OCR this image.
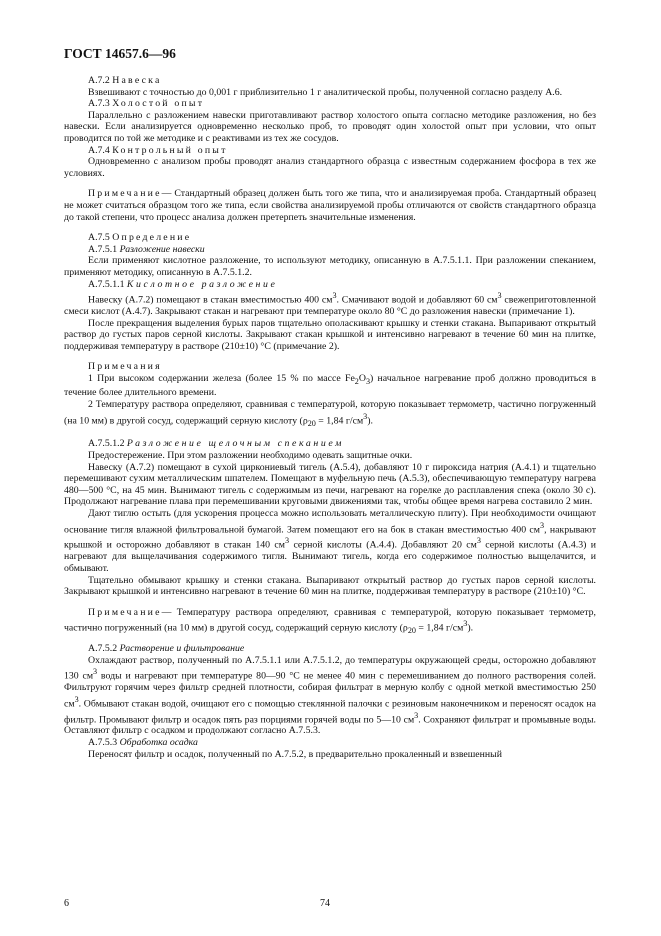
ГОСТ 14657.6—96

А.7.2 Навеска

Взвешивают с точностью до 0,001 г приблизительно 1 г аналитической пробы, полученной согласно разделу А.6.

А.7.3 Холостой опыт

Параллельно с разложением навески приготавливают раствор холостого опыта согласно методике разложения, но без навески. Если анализируется одновременно несколько проб, то проводят один холостой опыт при условии, что опыт проводится по той же методике и с реактивами из тех же сосудов.

А.7.4 Контрольный опыт

Одновременно с анализом пробы проводят анализ стандартного образца с известным содержанием фосфора в тех же условиях.

Примечание— Стандартный образец должен быть того же типа, что и анализируемая проба. Стандартный образец не может считаться образцом того же типа, если свойства анализируемой пробы отличаются от свойств стандартного образца до такой степени, что процесс анализа должен претерпеть значительные изменения.

А.7.5 Определение

А.7.5.1 Разложение навески

Если применяют кислотное разложение, то используют методику, описанную в А.7.5.1.1. При разложении спеканием, применяют методику, описанную в А.7.5.1.2.

А.7.5.1.1 Кислотное разложение

Навеску (А.7.2) помещают в стакан вместимостью 400 $см^3$. Смачивают водой и добавляют 60 $см^3$ свежеприготовленной смеси кислот (А.4.7). Закрывают стакан и нагревают при температуре около 80 °С до разложения навески (примечание 1).

После прекращения выделения бурых паров тщательно ополаскивают крышку и стенки стакана. Выпаривают открытый раствор до густых паров серной кислоты. Закрывают стакан крышкой и интенсивно нагревают в течение 60 мин на плитке, поддерживая температуру в растворе (210±10) °С (примечание 2).

Примечания

1 При высоком содержании железа (более 15 % по массе $Fe_2O_3$) начальное нагревание проб должно проводиться в течение более длительного времени.

2 Температуру раствора определяют, сравнивая с температурой, которую показывает термометр, частично погруженный (на 10 мм) в другой сосуд, содержащий серную кислоту ($\rho_{20} = 1,84$ $г/см^3$).

А.7.5.1.2 Разложение щелочным спеканием

Предостережение. При этом разложении необходимо одевать защитные очки.

Навеску (А.7.2) помещают в сухой циркониевый тигель (А.5.4), добавляют 10 г пироксида натрия (А.4.1) и тщательно перемешивают сухим металлическим шпателем. Помещают в муфельную печь (А.5.3), обеспечивающую температуру нагрева 480—500 °С, на 45 мин. Вынимают тигель с содержимым из печи, нагревают на горелке до расплавления спека (около 30 с). Продолжают нагревание плава при перемешивании круговыми движениями так, чтобы общее время нагрева составило 2 мин.

Дают тиглю остыть (для ускорения процесса можно использовать металлическую плиту). При необходимости очищают основание тигля влажной фильтровальной бумагой. Затем помещают его на бок в стакан вместимостью 400 $см^3$, накрывают крышкой и осторожно добавляют в стакан 140 $см^3$ серной кислоты (А.4.4). Добавляют 20 $см^3$ серной кислоты (А.4.3) и нагревают для выщелачивания содержимого тигля. Вынимают тигель, когда его содержимое полностью выщелачится, и обмывают.

Тщательно обмывают крышку и стенки стакана. Выпаривают открытый раствор до густых паров серной кислоты. Закрывают крышкой и интенсивно нагревают в течение 60 мин на плитке, поддерживая температуру в растворе (210±10) °С.

Примечание— Температуру раствора определяют, сравнивая с температурой, которую показывает термометр, частично погруженный (на 10 мм) в другой сосуд, содержащий серную кислоту ($\rho_{20} = 1,84$ $г/см^3$).

А.7.5.2 Растворение и фильтрование

Охлаждают раствор, полученный по А.7.5.1.1 или А.7.5.1.2, до температуры окружающей среды, осторожно добавляют 130 $см^3$ воды и нагревают при температуре 80—90 °С не менее 40 мин с перемешиванием до полного растворения солей. Фильтруют горячим через фильтр средней плотности, собирая фильтрат в мерную колбу с одной меткой вместимостью 250 $см^3$. Обмывают стакан водой, очищают его с помощью стеклянной палочки с резиновым наконечником и переносят осадок на фильтр. Промывают фильтр и осадок пять раз порциями горячей воды по 5—10 $см^3$. Сохраняют фильтрат и промывные воды. Оставляют фильтр с осадком и продолжают согласно А.7.5.3.

А.7.5.3 Обработка осадка

Переносят фильтр и осадок, полученный по А.7.5.2, в предварительно прокаленный и взвешенный

6	74
